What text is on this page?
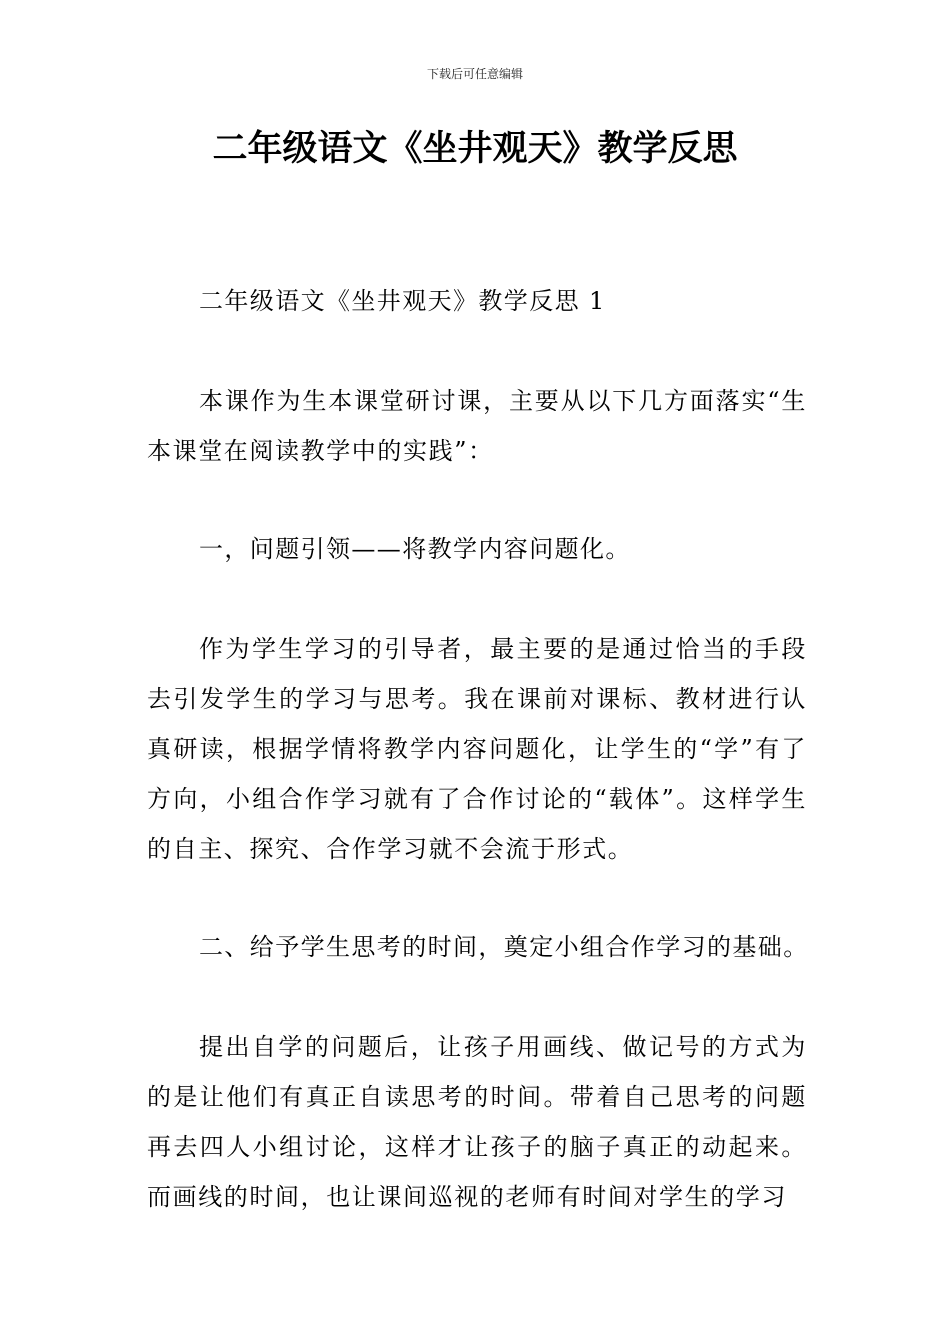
下载后可任意编辑
二年级语文《坐井观天》教学反思

二年级语文《坐井观天》教学反思 1

本课作为生本课堂研讨课，主要从以下几方面落实“生本课堂在阅读教学中的实践”：

一，问题引领——将教学内容问题化。

作为学生学习的引导者，最主要的是通过恰当的手段去引发学生的学习与思考。我在课前对课标、教材进行认真研读，根据学情将教学内容问题化，让学生的“学”有了方向，小组合作学习就有了合作讨论的“载体”。这样学生的自主、探究、合作学习就不会流于形式。

二、给予学生思考的时间，奠定小组合作学习的基础。

提出自学的问题后，让孩子用画线、做记号的方式为的是让他们有真正自读思考的时间。带着自己思考的问题再去四人小组讨论，这样才让孩子的脑子真正的动起来。而画线的时间，也让课间巡视的老师有时间对学生的学习
